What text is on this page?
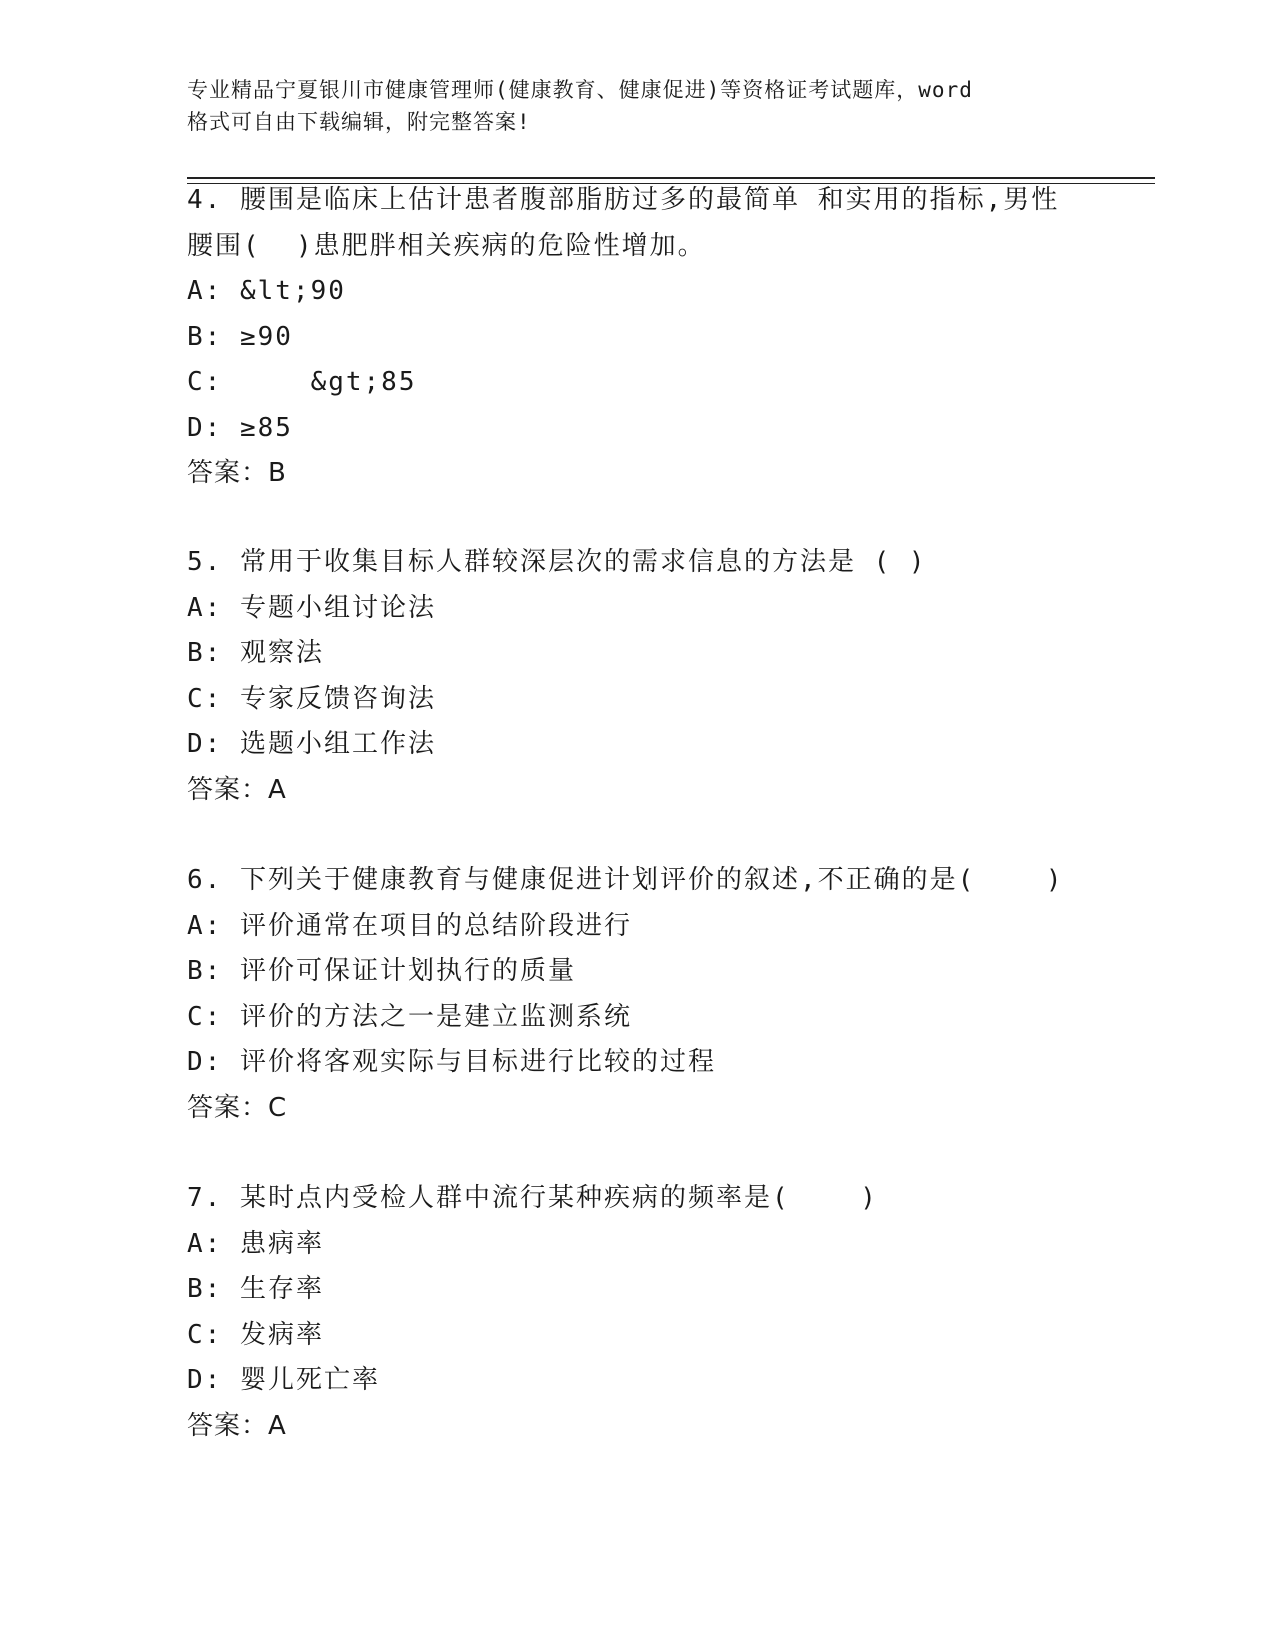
专业精品宁夏银川市健康管理师(健康教育、健康促进)等资格证考试题库，word
格式可自由下载编辑，附完整答案!
4. 腰围是临床上估计患者腹部脂肪过多的最简单 和实用的指标,男性
腰围(  )患肥胖相关疾病的危险性增加。
A: &lt;90
B: ≥90
C:     &gt;85
D: ≥85
答案：B
5. 常用于收集目标人群较深层次的需求信息的方法是 ( )
A: 专题小组讨论法
B: 观察法
C: 专家反馈咨询法
D: 选题小组工作法
答案：A
6. 下列关于健康教育与健康促进计划评价的叙述,不正确的是(    )
A: 评价通常在项目的总结阶段进行
B: 评价可保证计划执行的质量
C: 评价的方法之一是建立监测系统
D: 评价将客观实际与目标进行比较的过程
答案：C
7. 某时点内受检人群中流行某种疾病的频率是(    )
A: 患病率
B: 生存率
C: 发病率
D: 婴儿死亡率
答案：A
